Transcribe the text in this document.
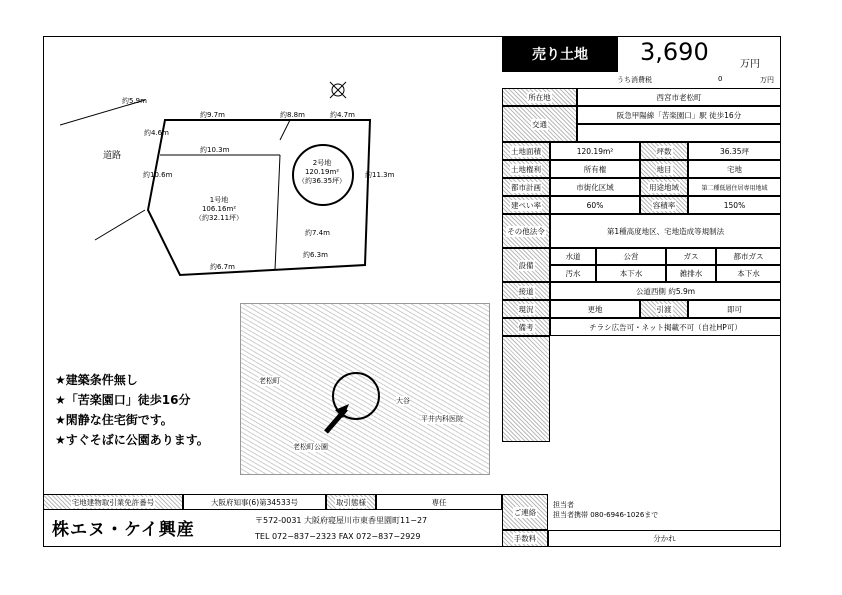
売り土地 3,690	万円
うち消費税	0	万円
道路
約5.9m
約9.7m	約8.8m	約4.7m
約10.3m
約4.6m
約10.6m	約11.3m
約7.4m
約6.3m
約6.7m
1号地
106.16m²
（約32.11坪）
2号地
120.19m²
（約36.35坪）
★建築条件無し
★「苦楽園口」徒歩16分
★閑静な住宅街です。
★すぐそばに公園あります。
老松町
大谷
平井内科医院
老松町公園
所在地	西宮市老松町
交通
阪急甲陽線「苦楽園口」駅 徒歩16分
土地面積	120.19m²	坪数	36.35坪
土地権利	所有権	地目	宅地
都市計画	市街化区域	用途地域	第二種低層住居専用地域
建ぺい率	60%	容積率	150%
その他法令	第1種高度地区、宅地造成等規制法
設備
水道	公営	ガス	都市ガス
汚水	本下水	雑排水	本下水
接道	公道西側 約5.9m
現況	更地	引渡	即可
備考	チラシ広告可・ネット掲載不可（自社HP可）
宅地建物取引業免許番号	大阪府知事(6)第34533号	取引態様	専任
株エヌ・ケイ興産	〒572-0031 大阪府寝屋川市東香里園町11−27
TEL 072−837−2323 FAX 072−837−2929
ご連絡
担当者
担当者携帯 080-6946-1026まで
手数料	分かれ
